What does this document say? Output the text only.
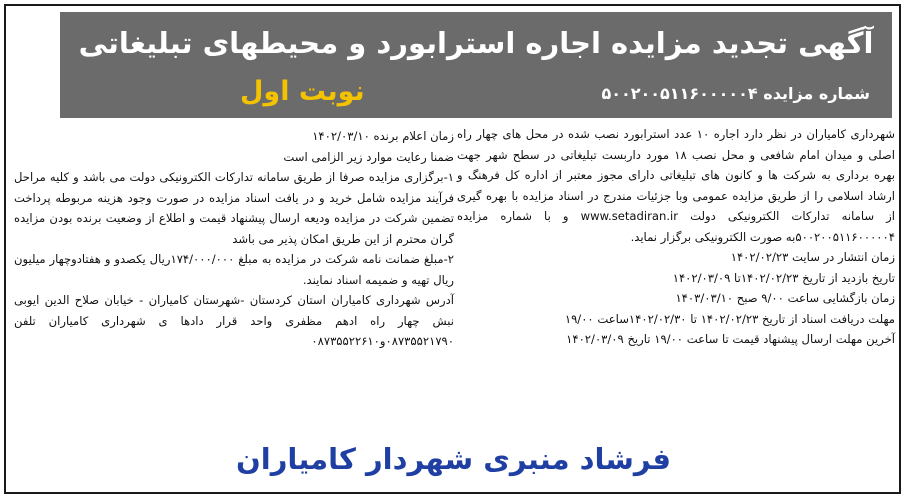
آگهی تجدید مزایده اجاره استرابورد و محیطهای تبلیغاتی
شماره مزایده ۵۰۰۲۰۰۵۱۱۶۰۰۰۰۰۴
نوبت اول

شهرداری کامیاران در نظر دارد اجاره ۱۰ عدد استرابورد نصب شده در محل های چهار راه اصلی و میدان امام شافعی و محل نصب ۱۸ مورد داربست تبلیغاتی در سطح شهر جهت بهره برداری به شرکت ها و کانون های تبلیغاتی دارای مجوز معتبر از اداره کل فرهنگ و ارشاد اسلامی را از طریق مزایده عمومی وبا جزئیات مندرج در اسناد مزایده با بهره گیری از سامانه تدارکات الکترونیکی دولت www.setadiran.ir و با شماره مزایده ۵۰۰۲۰۰۵۱۱۶۰۰۰۰۰۴به صورت الکترونیکی برگزار نماید.

زمان انتشار در سایت ۱۴۰۲/۰۲/۲۳

تاریخ بازدید از تاریخ ۱۴۰۲/۰۲/۲۳تا ۱۴۰۲/۰۳/۰۹

زمان بازگشایی ساعت ۹/۰۰ صبح ۱۴۰۳/۰۳/۱۰

مهلت دریافت اسناد از تاریخ ۱۴۰۲/۰۲/۲۳ تا ۱۴۰۲/۰۲/۳۰ساعت ۱۹/۰۰

آخرین مهلت ارسال پیشنهاد قیمت تا ساعت ۱۹/۰۰ تاریخ ۱۴۰۲/۰۳/۰۹

زمان اعلام برنده ۱۴۰۲/۰۳/۱۰

ضمنا رعایت موارد زیر الزامی است

۱-برگزاری مزایده صرفا از طریق سامانه تدارکات الکترونیکی دولت می باشد و کلیه مراحل فرآیند مزایده شامل خرید و در یافت اسناد مزایده در صورت وجود هزینه مربوطه پرداخت تضمین شرکت در مزایده ودیعه ارسال پیشنهاد قیمت و اطلاع از وضعیت برنده بودن مزایده گران محترم از این طریق امکان پذیر می باشد

۲-مبلغ ضمانت نامه شرکت در مزایده به مبلغ ۱۷۴/۰۰۰/۰۰۰ریال یکصدو و هفتادوچهار میلیون ریال تهیه و ضمیمه اسناد نمایند.

آدرس شهرداری کامیاران استان کردستان -شهرستان کامیاران - خیابان صلاح الدین ایوبی نبش چهار راه ادهم مظفری واحد قرار دادها ی شهرداری کامیاران تلفن ۰۸۷۳۵۵۲۱۷۹۰و۰۸۷۳۵۵۲۲۶۱۰

فرشاد منبری شهردار کامیاران
